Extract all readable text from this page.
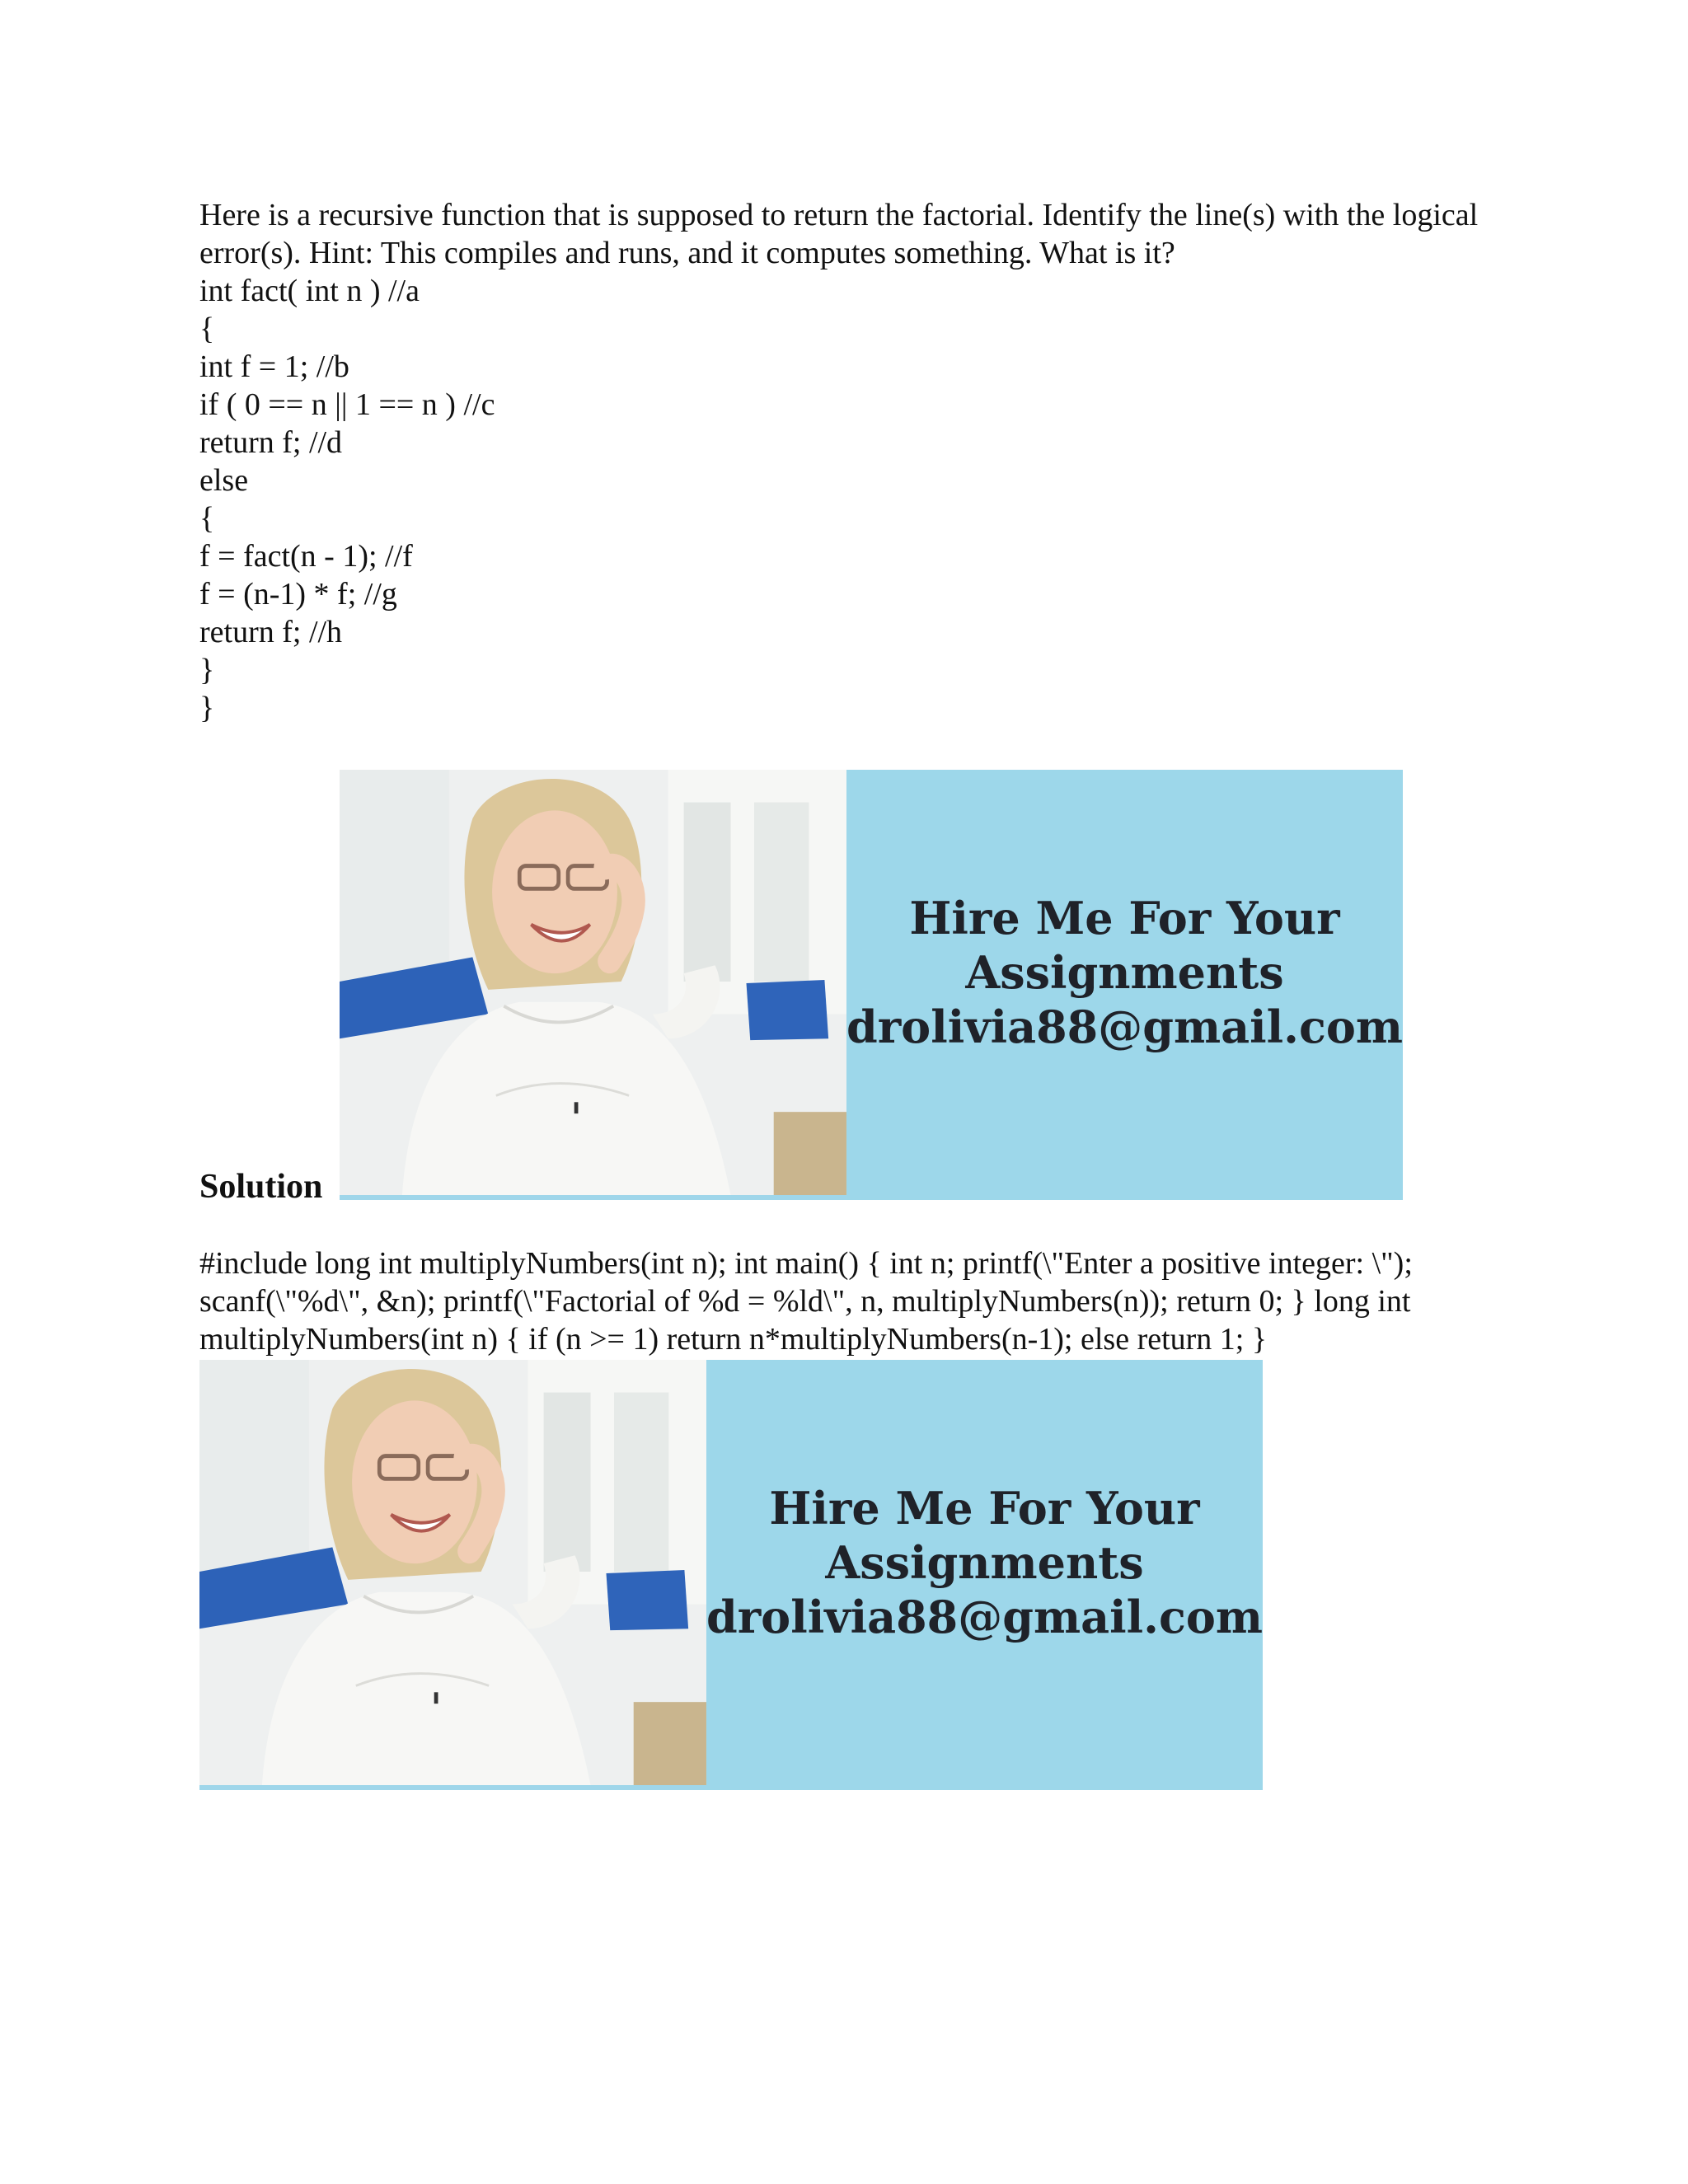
Here is a recursive function that is supposed to return the factorial. Identify the line(s) with the logical error(s). Hint: This compiles and runs, and it computes something. What is it?

int fact( int n ) //a
{
int f = 1; //b
if ( 0 == n || 1 == n ) //c
return f; //d
else
{
f = fact(n - 1); //f
f = (n-1) * f; //g
return f; //h
}
}
Hire Me For Your
Assignments
drolivia88@gmail.com
Solution

#include long int multiplyNumbers(int n); int main() { int n; printf(\"Enter a positive integer: \"); scanf(\"%d\", &n); printf(\"Factorial of %d = %ld\", n, multiplyNumbers(n)); return 0; } long int multiplyNumbers(int n) { if (n >= 1) return n*multiplyNumbers(n-1); else return 1; }

Hire Me For Your
Assignments
drolivia88@gmail.com
